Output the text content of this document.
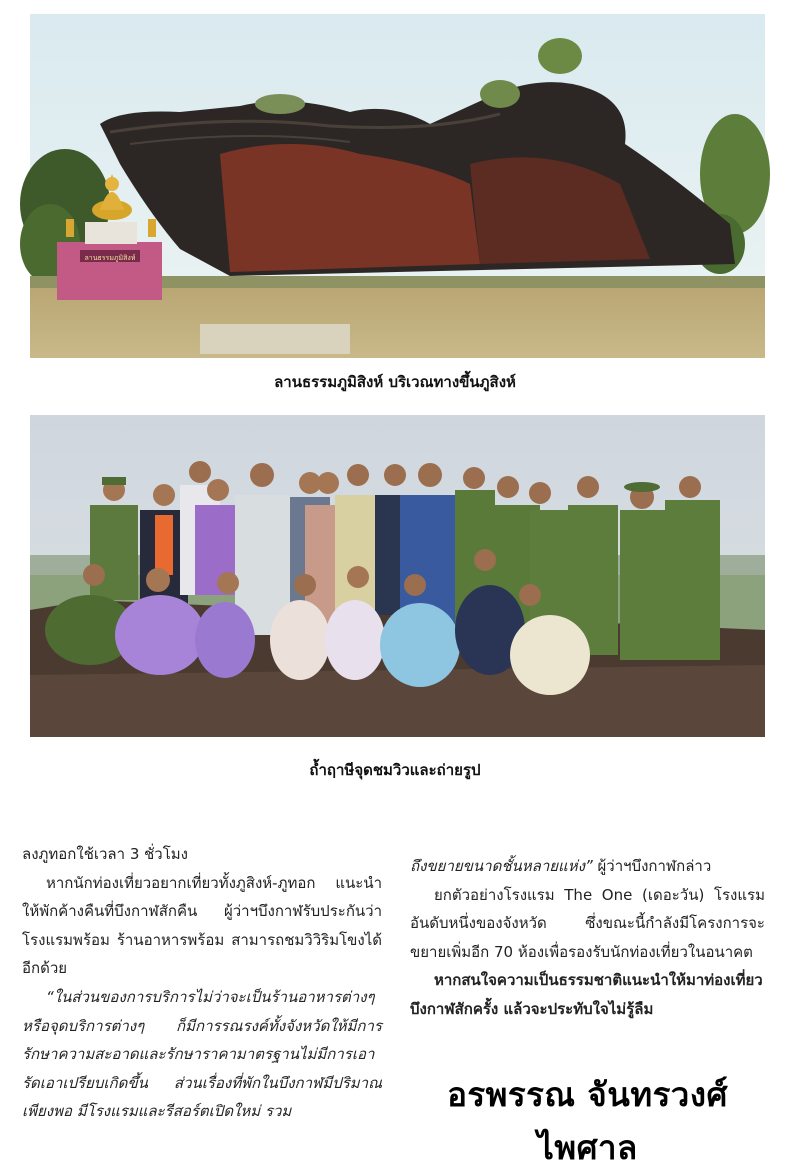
ลานธรรมภูมิสิงห์
ลานธรรมภูมิสิงห์ บริเวณทางขึ้นภูสิงห์
ถ้ำฤาษีจุดชมวิวและถ่ายรูป

ลงภูทอกใช้เวลา 3 ชั่วโมง

หากนักท่องเที่ยวอยากเที่ยวทั้งภูสิงห์-ภูทอก แนะนำให้พักค้างคืนที่บึงกาฬสักคืน ผู้ว่าฯบึงกาฬรับประกันว่าโรงแรมพร้อม ร้านอาหารพร้อม สามารถชมวิวิริมโขงได้อีกด้วย

“ในส่วนของการบริการไม่ว่าจะเป็นร้านอาหารต่างๆ หรือจุดบริการต่างๆ ก็มีการรณรงค์ทั้งจังหวัดให้มีการรักษาความสะอาดและรักษาราคามาตรฐานไม่มีการเอารัดเอาเปรียบเกิดขึ้น ส่วนเรื่องที่พักในบึงกาฬมีปริมาณเพียงพอ มีโรงแรมและรีสอร์ตเปิดใหม่ รวม

ถึงขยายขนาดชั้นหลายแห่ง” ผู้ว่าฯบึงกาฬกล่าว

ยกตัวอย่างโรงแรม The One (เดอะวัน) โรงแรมอันดับหนึ่งของจังหวัด ซึ่งขณะนี้กำลังมีโครงการจะขยายเพิ่มอีก 70 ห้องเพื่อรองรับนักท่องเที่ยวในอนาคต

หากสนใจความเป็นธรรมชาติแนะนำให้มาท่องเที่ยวบึงกาฬสักครั้ง แล้วจะประทับใจไม่รู้ลืม

อรพรรณ จันทรวงศ์ไพศาล
